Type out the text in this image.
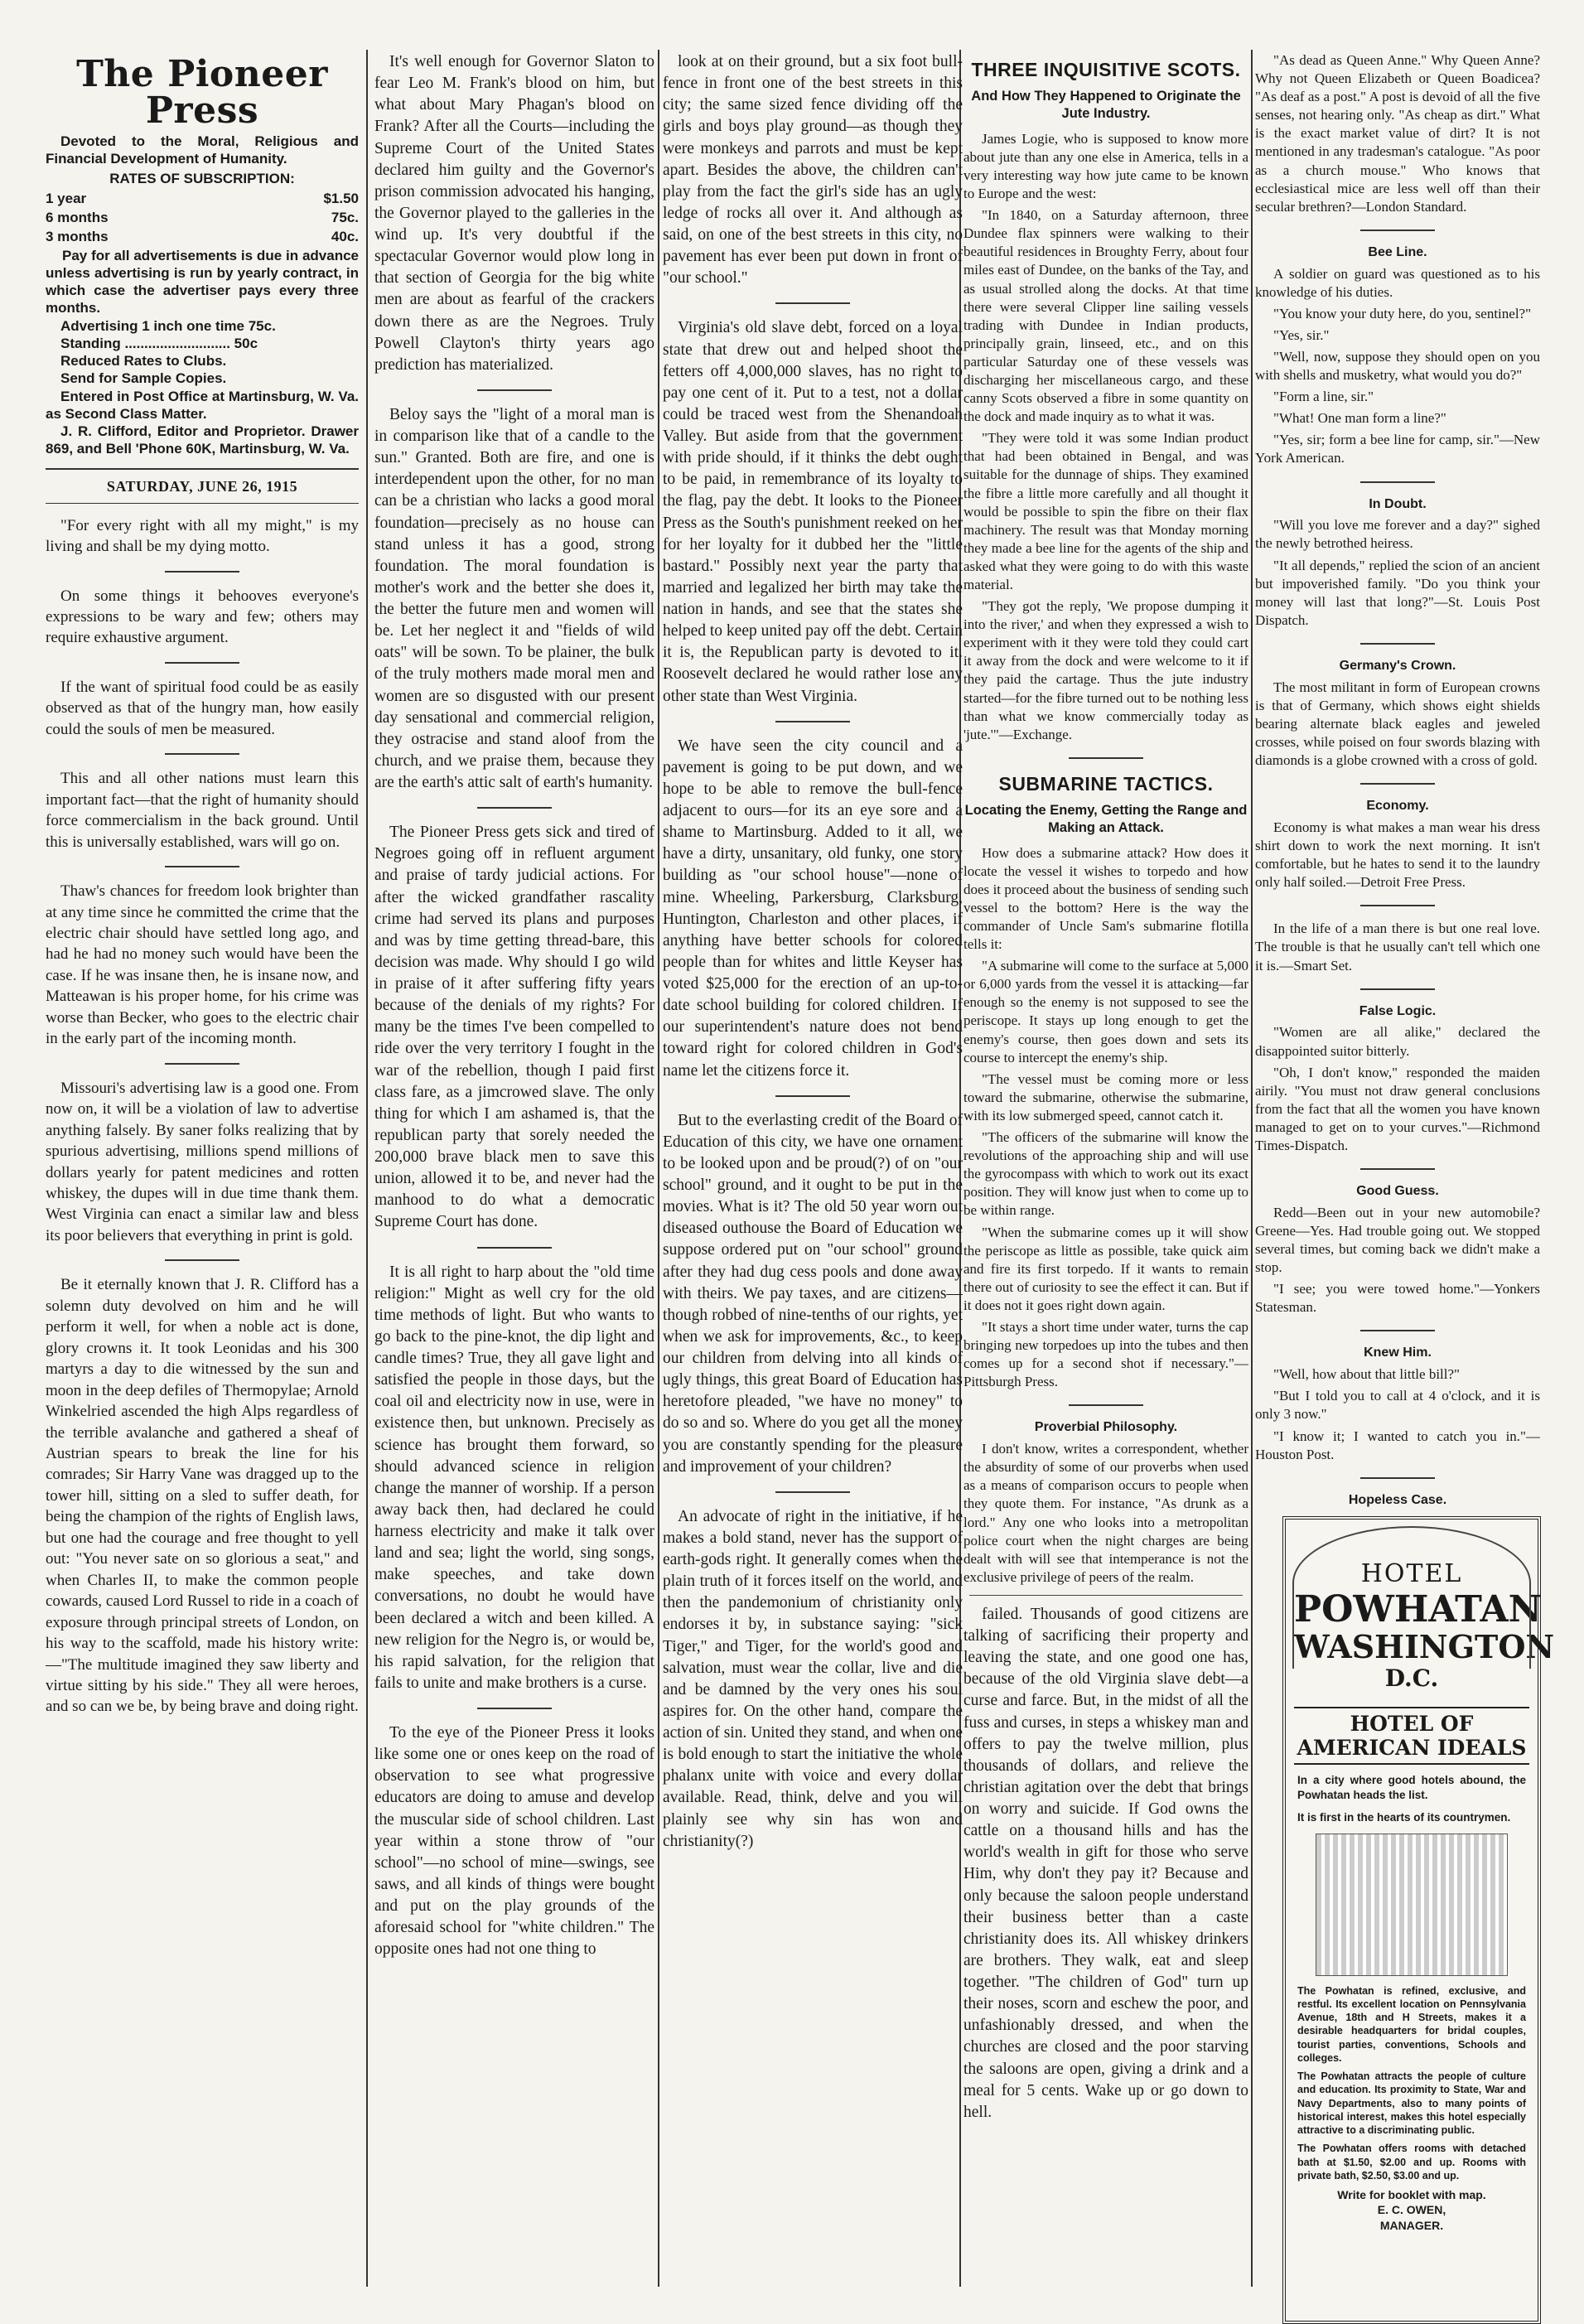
The Pioneer Press

Devoted to the Moral, Religious and Financial Development of Humanity.

RATES OF SUBSCRIPTION:
1 year	$1.50
6 months	75c.
3 months	40c.

Pay for all advertisements is due in advance unless advertising is run by yearly contract, in which case the advertiser pays every three months.

Advertising 1 inch one time 75c.

Standing ........................... 50c

Reduced Rates to Clubs.

Send for Sample Copies.

Entered in Post Office at Martinsburg, W. Va. as Second Class Matter.

J. R. Clifford, Editor and Proprietor. Drawer 869, and Bell 'Phone 60K, Martinsburg, W. Va.

SATURDAY, JUNE 26, 1915

"For every right with all my might," is my living and shall be my dying motto.

On some things it behooves everyone's expressions to be wary and few; others may require exhaustive argument.

If the want of spiritual food could be as easily observed as that of the hungry man, how easily could the souls of men be measured.

This and all other nations must learn this important fact—that the right of humanity should force commercialism in the back ground. Until this is universally established, wars will go on.

Thaw's chances for freedom look brighter than at any time since he committed the crime that the electric chair should have settled long ago, and had he had no money such would have been the case. If he was insane then, he is insane now, and Matteawan is his proper home, for his crime was worse than Becker, who goes to the electric chair in the early part of the incoming month.

Missouri's advertising law is a good one. From now on, it will be a violation of law to advertise anything falsely. By saner folks realizing that by spurious advertising, millions spend millions of dollars yearly for patent medicines and rotten whiskey, the dupes will in due time thank them. West Virginia can enact a similar law and bless its poor believers that everything in print is gold.

Be it eternally known that J. R. Clifford has a solemn duty devolved on him and he will perform it well, for when a noble act is done, glory crowns it. It took Leonidas and his 300 martyrs a day to die witnessed by the sun and moon in the deep defiles of Thermopylae; Arnold Winkelried ascended the high Alps regardless of the terrible avalanche and gathered a sheaf of Austrian spears to break the line for his comrades; Sir Harry Vane was dragged up to the tower hill, sitting on a sled to suffer death, for being the champion of the rights of English laws, but one had the courage and free thought to yell out: "You never sate on so glorious a seat," and when Charles II, to make the common people cowards, caused Lord Russel to ride in a coach of exposure through principal streets of London, on his way to the scaffold, made his history write:—"The multitude imagined they saw liberty and virtue sitting by his side." They all were heroes, and so can we be, by being brave and doing right.

It's well enough for Governor Slaton to fear Leo M. Frank's blood on him, but what about Mary Phagan's blood on Frank? After all the Courts—including the Supreme Court of the United States declared him guilty and the Governor's prison commission advocated his hanging, the Governor played to the galleries in the wind up. It's very doubtful if the spectacular Governor would plow long in that section of Georgia for the big white men are about as fearful of the crackers down there as are the Negroes. Truly Powell Clayton's thirty years ago prediction has materialized.

Beloy says the "light of a moral man is in comparison like that of a candle to the sun." Granted. Both are fire, and one is interdependent upon the other, for no man can be a christian who lacks a good moral foundation—precisely as no house can stand unless it has a good, strong foundation. The moral foundation is mother's work and the better she does it, the better the future men and women will be. Let her neglect it and "fields of wild oats" will be sown. To be plainer, the bulk of the truly mothers made moral men and women are so disgusted with our present day sensational and commercial religion, they ostracise and stand aloof from the church, and we praise them, because they are the earth's attic salt of earth's humanity.

The Pioneer Press gets sick and tired of Negroes going off in refluent argument and praise of tardy judicial actions. For after the wicked grandfather rascality crime had served its plans and purposes and was by time getting thread-bare, this decision was made. Why should I go wild in praise of it after suffering fifty years because of the denials of my rights? For many be the times I've been compelled to ride over the very territory I fought in the war of the rebellion, though I paid first class fare, as a jimcrowed slave. The only thing for which I am ashamed is, that the republican party that sorely needed the 200,000 brave black men to save this union, allowed it to be, and never had the manhood to do what a democratic Supreme Court has done.

It is all right to harp about the "old time religion:" Might as well cry for the old time methods of light. But who wants to go back to the pine-knot, the dip light and candle times? True, they all gave light and satisfied the people in those days, but the coal oil and electricity now in use, were in existence then, but unknown. Precisely as science has brought them forward, so should advanced science in religion change the manner of worship. If a person away back then, had declared he could harness electricity and make it talk over land and sea; light the world, sing songs, make speeches, and take down conversations, no doubt he would have been declared a witch and been killed. A new religion for the Negro is, or would be, his rapid salvation, for the religion that fails to unite and make brothers is a curse.

To the eye of the Pioneer Press it looks like some one or ones keep on the road of observation to see what progressive educators are doing to amuse and develop the muscular side of school children. Last year within a stone throw of "our school"—no school of mine—swings, see saws, and all kinds of things were bought and put on the play grounds of the aforesaid school for "white children." The opposite ones had not one thing to

look at on their ground, but a six foot bull-fence in front one of the best streets in this city; the same sized fence dividing off the girls and boys play ground—as though they were monkeys and parrots and must be kept apart. Besides the above, the children can't play from the fact the girl's side has an ugly ledge of rocks all over it. And although as said, on one of the best streets in this city, no pavement has ever been put down in front of "our school."

Virginia's old slave debt, forced on a loyal state that drew out and helped shoot the fetters off 4,000,000 slaves, has no right to pay one cent of it. Put to a test, not a dollar could be traced west from the Shenandoah Valley. But aside from that the government with pride should, if it thinks the debt ought to be paid, in remembrance of its loyalty to the flag, pay the debt. It looks to the Pioneer Press as the South's punishment reeked on her for her loyalty for it dubbed her the "little bastard." Possibly next year the party that married and legalized her birth may take the nation in hands, and see that the states she helped to keep united pay off the debt. Certain it is, the Republican party is devoted to it. Roosevelt declared he would rather lose any other state than West Virginia.

We have seen the city council and a pavement is going to be put down, and we hope to be able to remove the bull-fence adjacent to ours—for its an eye sore and a shame to Martinsburg. Added to it all, we have a dirty, unsanitary, old funky, one story building as "our school house"—none of mine. Wheeling, Parkersburg, Clarksburg, Huntington, Charleston and other places, if anything have better schools for colored people than for whites and little Keyser has voted $25,000 for the erection of an up-to-date school building for colored children. If our superintendent's nature does not bend toward right for colored children in God's name let the citizens force it.

But to the everlasting credit of the Board of Education of this city, we have one ornament to be looked upon and be proud(?) of on "our school" ground, and it ought to be put in the movies. What is it? The old 50 year worn out diseased outhouse the Board of Education we suppose ordered put on "our school" ground after they had dug cess pools and done away with theirs. We pay taxes, and are citizens—though robbed of nine-tenths of our rights, yet when we ask for improvements, &c., to keep our children from delving into all kinds of ugly things, this great Board of Education has heretofore pleaded, "we have no money" to do so and so. Where do you get all the money you are constantly spending for the pleasure and improvement of your children?

An advocate of right in the initiative, if he makes a bold stand, never has the support of earth-gods right. It generally comes when the plain truth of it forces itself on the world, and then the pandemonium of christianity only endorses it by, in substance saying: "sick Tiger," and Tiger, for the world's good and salvation, must wear the collar, live and die and be damned by the very ones his soul aspires for. On the other hand, compare the action of sin. United they stand, and when one is bold enough to start the initiative the whole phalanx unite with voice and every dollar available. Read, think, delve and you will plainly see why sin has won and christianity(?)

THREE INQUISITIVE SCOTS.
And How They Happened to Originate the Jute Industry.

James Logie, who is supposed to know more about jute than any one else in America, tells in a very interesting way how jute came to be known to Europe and the west:

"In 1840, on a Saturday afternoon, three Dundee flax spinners were walking to their beautiful residences in Broughty Ferry, about four miles east of Dundee, on the banks of the Tay, and as usual strolled along the docks. At that time there were several Clipper line sailing vessels trading with Dundee in Indian products, principally grain, linseed, etc., and on this particular Saturday one of these vessels was discharging her miscellaneous cargo, and these canny Scots observed a fibre in some quantity on the dock and made inquiry as to what it was.

"They were told it was some Indian product that had been obtained in Bengal, and was suitable for the dunnage of ships. They examined the fibre a little more carefully and all thought it would be possible to spin the fibre on their flax machinery. The result was that Monday morning they made a bee line for the agents of the ship and asked what they were going to do with this waste material.

"They got the reply, 'We propose dumping it into the river,' and when they expressed a wish to experiment with it they were told they could cart it away from the dock and were welcome to it if they paid the cartage. Thus the jute industry started—for the fibre turned out to be nothing less than what we know commercially today as 'jute.'"—Exchange.

SUBMARINE TACTICS.
Locating the Enemy, Getting the Range and Making an Attack.

How does a submarine attack? How does it locate the vessel it wishes to torpedo and how does it proceed about the business of sending such vessel to the bottom? Here is the way the commander of Uncle Sam's submarine flotilla tells it:

"A submarine will come to the surface at 5,000 or 6,000 yards from the vessel it is attacking—far enough so the enemy is not supposed to see the periscope. It stays up long enough to get the enemy's course, then goes down and sets its course to intercept the enemy's ship.

"The vessel must be coming more or less toward the submarine, otherwise the submarine, with its low submerged speed, cannot catch it.

"The officers of the submarine will know the revolutions of the approaching ship and will use the gyrocompass with which to work out its exact position. They will know just when to come up to be within range.

"When the submarine comes up it will show the periscope as little as possible, take quick aim and fire its first torpedo. If it wants to remain there out of curiosity to see the effect it can. But if it does not it goes right down again.

"It stays a short time under water, turns the cap bringing new torpedoes up into the tubes and then comes up for a second shot if necessary."—Pittsburgh Press.

Proverbial Philosophy.

I don't know, writes a correspondent, whether the absurdity of some of our proverbs when used as a means of comparison occurs to people when they quote them. For instance, "As drunk as a lord." Any one who looks into a metropolitan police court when the night charges are being dealt with will see that intemperance is not the exclusive privilege of peers of the realm.

failed. Thousands of good citizens are talking of sacrificing their property and leaving the state, and one good one has, because of the old Virginia slave debt—a curse and farce. But, in the midst of all the fuss and curses, in steps a whiskey man and offers to pay the twelve million, plus thousands of dollars, and relieve the christian agitation over the debt that brings on worry and suicide. If God owns the cattle on a thousand hills and has the world's wealth in gift for those who serve Him, why don't they pay it? Because and only because the saloon people understand their business better than a caste christianity does its. All whiskey drinkers are brothers. They walk, eat and sleep together. "The children of God" turn up their noses, scorn and eschew the poor, and unfashionably dressed, and when the churches are closed and the poor starving the saloons are open, giving a drink and a meal for 5 cents. Wake up or go down to hell.

"As dead as Queen Anne." Why Queen Anne? Why not Queen Elizabeth or Queen Boadicea? "As deaf as a post." A post is devoid of all the five senses, not hearing only. "As cheap as dirt." What is the exact market value of dirt? It is not mentioned in any tradesman's catalogue. "As poor as a church mouse." Who knows that ecclesiastical mice are less well off than their secular brethren?—London Standard.

Bee Line.

A soldier on guard was questioned as to his knowledge of his duties.

"You know your duty here, do you, sentinel?"

"Yes, sir."

"Well, now, suppose they should open on you with shells and musketry, what would you do?"

"Form a line, sir."

"What! One man form a line?"

"Yes, sir; form a bee line for camp, sir."—New York American.

In Doubt.

"Will you love me forever and a day?" sighed the newly betrothed heiress.

"It all depends," replied the scion of an ancient but impoverished family. "Do you think your money will last that long?"—St. Louis Post Dispatch.

Germany's Crown.

The most militant in form of European crowns is that of Germany, which shows eight shields bearing alternate black eagles and jeweled crosses, while poised on four swords blazing with diamonds is a globe crowned with a cross of gold.

Economy.

Economy is what makes a man wear his dress shirt down to work the next morning. It isn't comfortable, but he hates to send it to the laundry only half soiled.—Detroit Free Press.

In the life of a man there is but one real love. The trouble is that he usually can't tell which one it is.—Smart Set.

False Logic.

"Women are all alike," declared the disappointed suitor bitterly.

"Oh, I don't know," responded the maiden airily. "You must not draw general conclusions from the fact that all the women you have known managed to get on to your curves."—Richmond Times-Dispatch.

Good Guess.

Redd—Been out in your new automobile? Greene—Yes. Had trouble going out. We stopped several times, but coming back we didn't make a stop.

"I see; you were towed home."—Yonkers Statesman.

Knew Him.

"Well, how about that little bill?"

"But I told you to call at 4 o'clock, and it is only 3 now."

"I know it; I wanted to catch you in."—Houston Post.

Hopeless Case.

HOTEL
POWHATAN
WASHINGTON
D.C.
HOTEL OF AMERICAN IDEALS
In a city where good hotels abound, the Powhatan heads the list.
It is first in the hearts of its countrymen.
The Powhatan is refined, exclusive, and restful. Its excellent location on Pennsylvania Avenue, 18th and H Streets, makes it a desirable headquarters for bridal couples, tourist parties, conventions, Schools and colleges.
The Powhatan attracts the people of culture and education. Its proximity to State, War and Navy Departments, also to many points of historical interest, makes this hotel especially attractive to a discriminating public.
The Powhatan offers rooms with detached bath at $1.50, $2.00 and up. Rooms with private bath, $2.50, $3.00 and up.
Write for booklet with map.
E. C. OWEN,
MANAGER.
